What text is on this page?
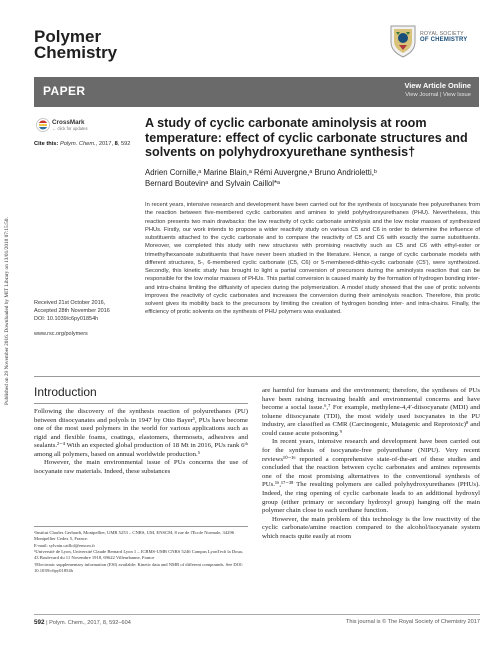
Published on 29 November 2016. Downloaded by MIT Library on 13/01/2018 07:15:50.
Polymer
Chemistry
ROYAL SOCIETY
OF CHEMISTRY
PAPER	View Article Online
View Journal | View Issue
CrossMark
← click for updates
Cite this: Polym. Chem., 2017, 8, 592
A study of cyclic carbonate aminolysis at room temperature: effect of cyclic carbonate structures and solvents on polyhydroxyurethane synthesis†
Adrien Cornille,ᵃ Marine Blain,ᵃ Rémi Auvergne,ᵃ Bruno Andrioletti,ᵇ
Bernard Boutevinᵃ and Sylvain Caillol*ᵃ
In recent years, intensive research and development have been carried out for the synthesis of isocyanate free polyurethanes from the reaction between five-membered cyclic carbonates and amines to yield polyhydroxyurethanes (PHU). Nevertheless, this reaction presents two main drawbacks: the low reactivity of cyclic carbonate aminolysis and the low molar masses of synthesized PHUs. Firstly, our work intends to propose a wider reactivity study on various C5 and C6 in order to determine the influence of substituents attached to the cyclic carbonate and to compare the reactivity of C5 and C6 with exactly the same substituents. Moreover, we completed this study with new structures with promising reactivity such as C5 and C6 with ethyl-ester or trimethylhexanoate substituents that have never been studied in the literature. Hence, a range of cyclic carbonate models with different structures, 5-, 6-membered cyclic carbonate (C5, C6) or 5-membered-dithio-cyclic carbonate (C5'), were synthesized. Secondly, this kinetic study has brought to light a partial conversion of precursors during the aminolysis reaction that can be responsible for the low molar masses of PHUs. This partial conversion is caused mainly by the formation of hydrogen bonding inter- and intra-chains limiting the diffusivity of species during the polymerization. A model study showed that the use of protic solvents improves the reactivity of cyclic carbonates and increases the conversion during their aminolysis reaction. Therefore, this protic solvent gives its mobility back to the precursors by limiting the creation of hydrogen bonding inter- and intra-chains. Finally, the efficiency of protic solvents on the synthesis of PHU polymers was evaluated.
Received 21st October 2016,
Accepted 28th November 2016
DOI: 10.1039/c6py01854h
www.rsc.org/polymers
Introduction

Following the discovery of the synthesis reaction of polyurethanes (PU) between diisocyanates and polyols in 1947 by Otto Bayer¹, PUs have become one of the most used polymers in the world for various applications such as rigid and flexible foams, coatings, elastomers, thermosets, adhesives and sealants.²⁻⁴ With an expected global production of 18 Mt in 2016, PUs rank 6ᵗʰ among all polymers, based on annual worldwide production.⁵

However, the main environmental issue of PUs concerns the use of isocyanate raw materials. Indeed, these substances

ᵃInstitut Charles Gerhardt, Montpellier, UMR 5253 – CNRS, UM, ENSCM, 8 rue de l'Ecole Normale, 34296 Montpellier Cedex 5, France.
E-mail: sylvain.caillol@enscm.fr
ᵇUniversité de Lyon, Université Claude Bernard Lyon 1 – ICBMS-UMR CNRS 5246 Campus LyonTech la Doua, 43 Boulevard du 11 Novembre 1918, 69622 Villeurbanne, France
†Electronic supplementary information (ESI) available: Kinetic data and NMR of different compounds. See DOI: 10.1039/c6py01854h

are harmful for humans and the environment; therefore, the syntheses of PUs have been raising increasing health and environmental concerns and have become a social issue.⁶,⁷ For example, methylene-4,4′-diisocyanate (MDI) and toluene diisocyanate (TDI), the most widely used isocyanates in the PU industry, are classified as CMR (Carcinogenic, Mutagenic and Reprotoxic)⁸ and could cause acute poisoning.⁹

In recent years, intensive research and development have been carried out for the synthesis of isocyanate-free polyurethane (NIPU). Very recent reviews¹⁰⁻¹⁶ reported a comprehensive state-of-the-art of these studies and concluded that the reaction between cyclic carbonates and amines represents one of the most promising alternatives to the conventional synthesis of PUs.¹⁶,¹⁷⁻³⁸ The resulting polymers are called polyhydroxyurethanes (PHUs). Indeed, the ring opening of cyclic carbonate leads to an additional hydroxyl group (either primary or secondary hydroxyl group) hanging off the main polymer chain close to each urethane function.

However, the main problem of this technology is the low reactivity of the cyclic carbonate/amine reaction compared to the alcohol/isocyanate system which reacts quite easily at room

592 | Polym. Chem., 2017, 8, 592–604	This journal is © The Royal Society of Chemistry 2017
